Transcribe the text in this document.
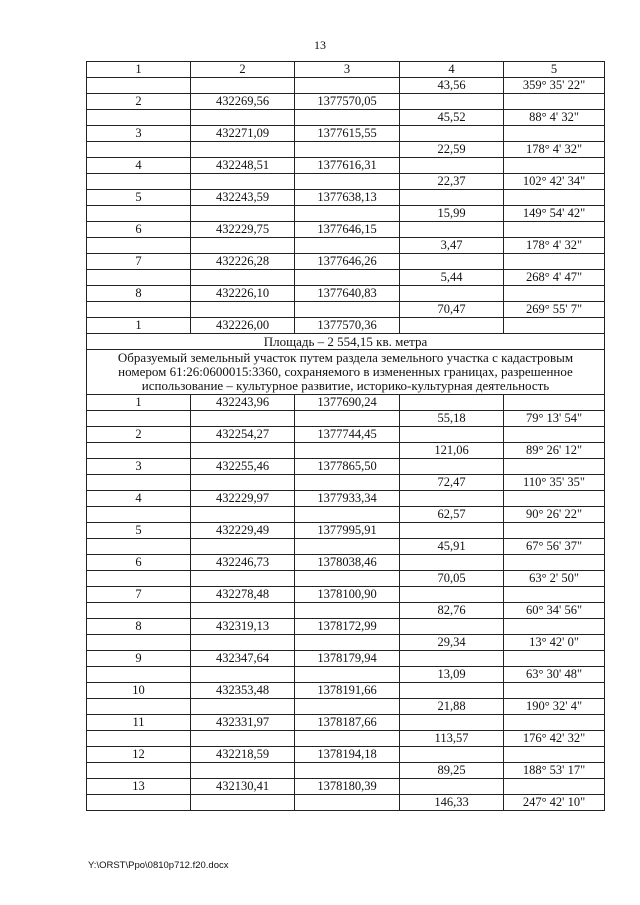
13
1	2	3	4	5
			43,56	359° 35' 22"
2	432269,56	1377570,05		
			45,52	88° 4' 32"
3	432271,09	1377615,55		
			22,59	178° 4' 32"
4	432248,51	1377616,31		
			22,37	102° 42' 34"
5	432243,59	1377638,13		
			15,99	149° 54' 42"
6	432229,75	1377646,15		
			3,47	178° 4' 32"
7	432226,28	1377646,26		
			5,44	268° 4' 47"
8	432226,10	1377640,83		
			70,47	269° 55' 7"
1	432226,00	1377570,36		
Площадь – 2 554,15 кв. метра				
Образуемый земельный участок путем раздела земельного участка с кадастровым номером 61:26:0600015:3360, сохраняемого в измененных границах, разрешенное использование – культурное развитие, историко-культурная деятельность				
1	432243,96	1377690,24		
			55,18	79° 13' 54"
2	432254,27	1377744,45		
			121,06	89° 26' 12"
3	432255,46	1377865,50		
			72,47	110° 35' 35"
4	432229,97	1377933,34		
			62,57	90° 26' 22"
5	432229,49	1377995,91		
			45,91	67° 56' 37"
6	432246,73	1378038,46		
			70,05	63° 2' 50"
7	432278,48	1378100,90		
			82,76	60° 34' 56"
8	432319,13	1378172,99		
			29,34	13° 42' 0"
9	432347,64	1378179,94		
			13,09	63° 30' 48"
10	432353,48	1378191,66		
			21,88	190° 32' 4"
11	432331,97	1378187,66		
			113,57	176° 42' 32"
12	432218,59	1378194,18		
			89,25	188° 53' 17"
13	432130,41	1378180,39		
			146,33	247° 42' 10"
Y:\ORST\Ppo\0810p712.f20.docx
